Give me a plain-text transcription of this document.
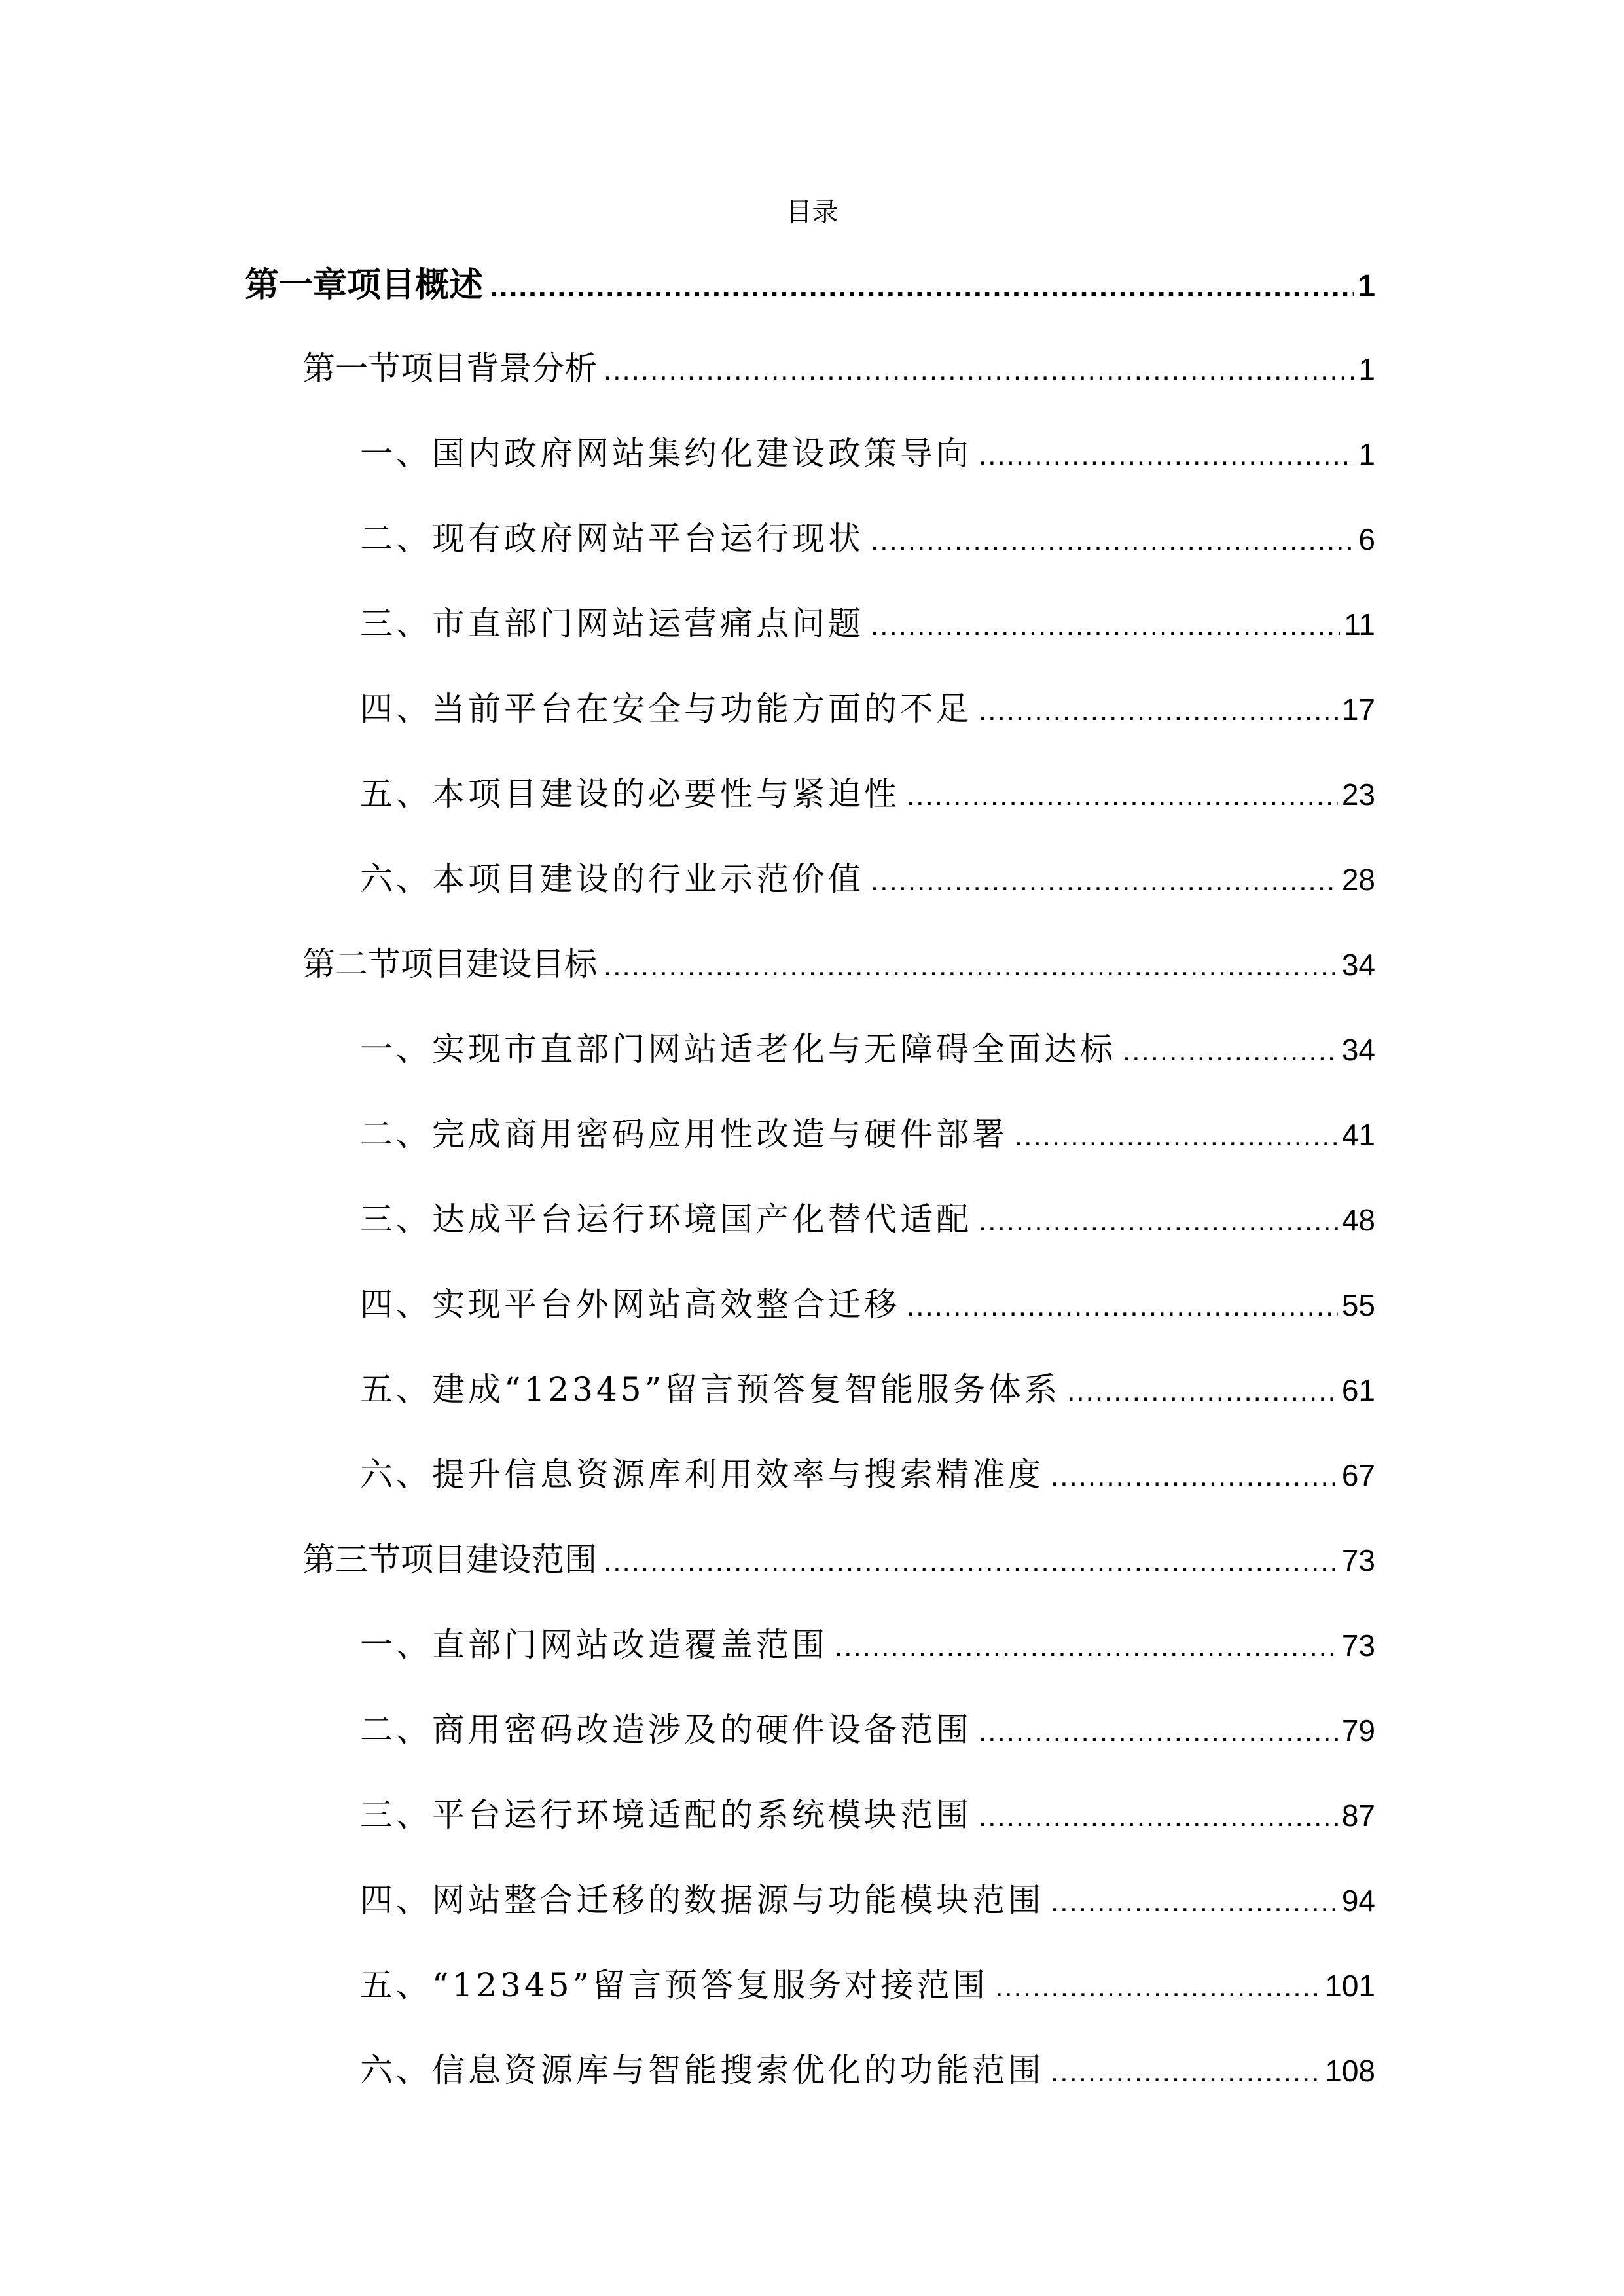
目录
第一章项目概述 .....	1
第一节项目背景分析 .....	1
一、国内政府网站集约化建设政策导向 .....	1
二、现有政府网站平台运行现状 .....	6
三、市直部门网站运营痛点问题 .....	11
四、当前平台在安全与功能方面的不足 .....	17
五、本项目建设的必要性与紧迫性 .....	23
六、本项目建设的行业示范价值 .....	28
第二节项目建设目标 .....	34
一、实现市直部门网站适老化与无障碍全面达标 .....	34
二、完成商用密码应用性改造与硬件部署 .....	41
三、达成平台运行环境国产化替代适配 .....	48
四、实现平台外网站高效整合迁移 .....	55
五、建成“12345”留言预答复智能服务体系 .....	61
六、提升信息资源库利用效率与搜索精准度 .....	67
第三节项目建设范围 .....	73
一、直部门网站改造覆盖范围 .....	73
二、商用密码改造涉及的硬件设备范围 .....	79
三、平台运行环境适配的系统模块范围 .....	87
四、网站整合迁移的数据源与功能模块范围 .....	94
五、“12345”留言预答复服务对接范围 .....	101
六、信息资源库与智能搜索优化的功能范围 .....	108
